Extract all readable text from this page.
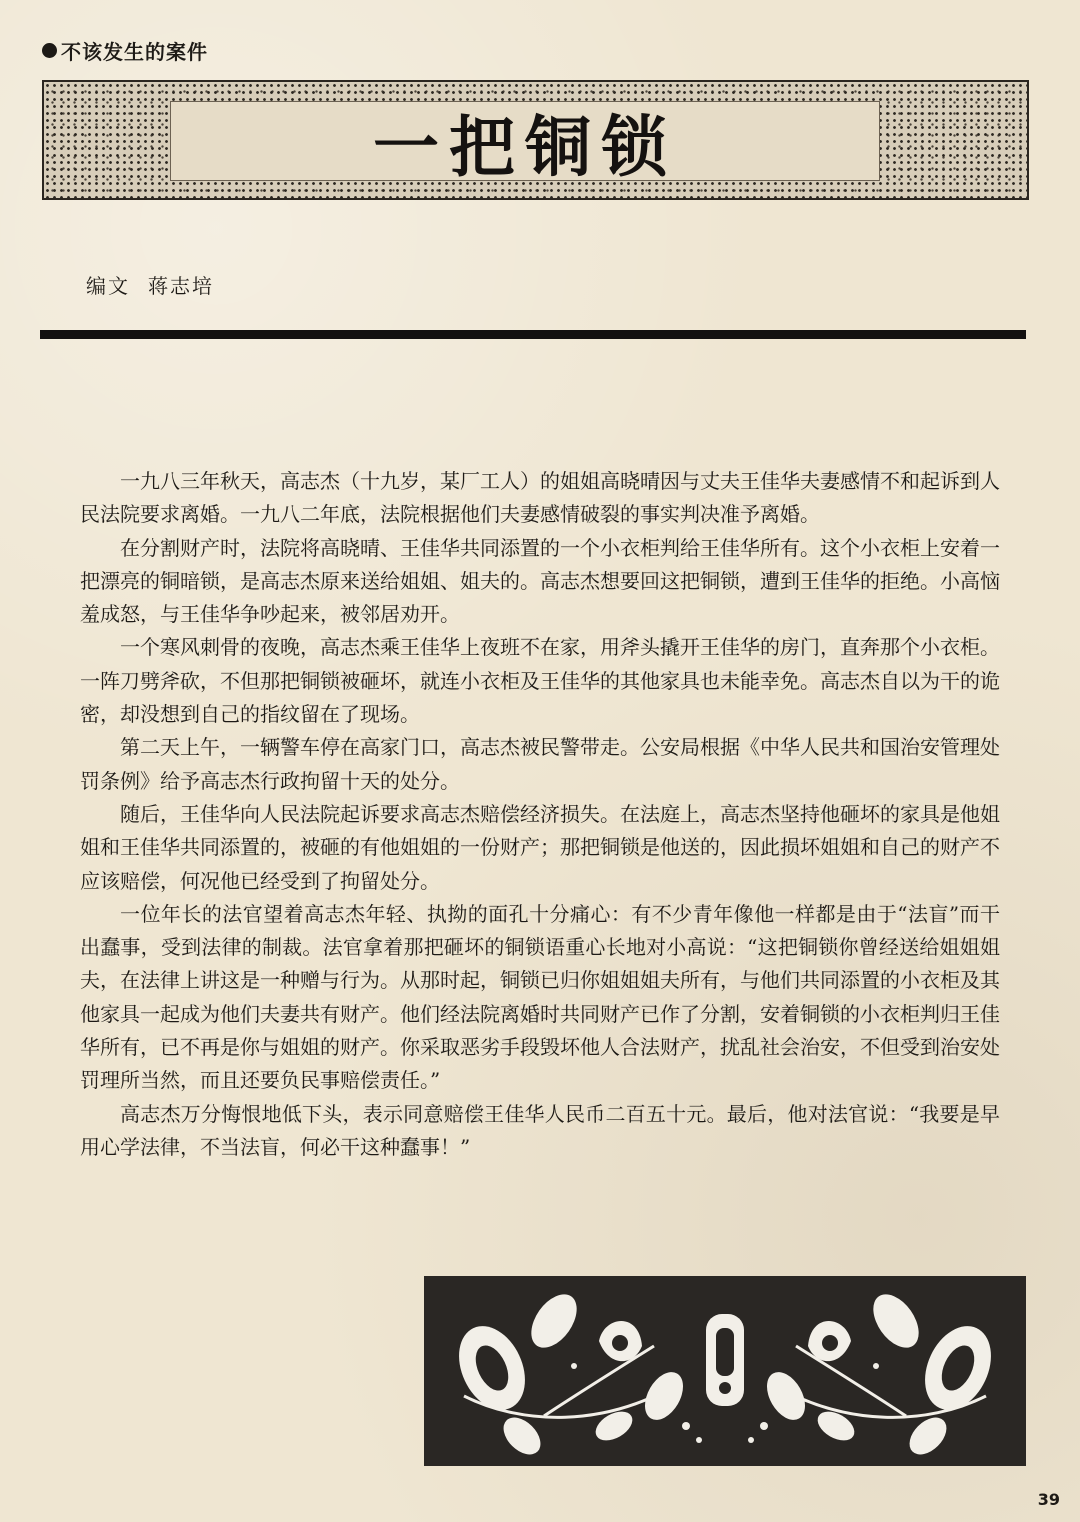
不该发生的案件
一把铜锁
编文 蒋志培

一九八三年秋天，高志杰（十九岁，某厂工人）的姐姐高晓晴因与丈夫王佳华夫妻感情不和起诉到人民法院要求离婚。一九八二年底，法院根据他们夫妻感情破裂的事实判决准予离婚。

在分割财产时，法院将高晓晴、王佳华共同添置的一个小衣柜判给王佳华所有。这个小衣柜上安着一把漂亮的铜暗锁，是高志杰原来送给姐姐、姐夫的。高志杰想要回这把铜锁，遭到王佳华的拒绝。小高恼羞成怒，与王佳华争吵起来，被邻居劝开。

一个寒风刺骨的夜晚，高志杰乘王佳华上夜班不在家，用斧头撬开王佳华的房门，直奔那个小衣柜。一阵刀劈斧砍，不但那把铜锁被砸坏，就连小衣柜及王佳华的其他家具也未能幸免。高志杰自以为干的诡密，却没想到自己的指纹留在了现场。

第二天上午，一辆警车停在高家门口，高志杰被民警带走。公安局根据《中华人民共和国治安管理处罚条例》给予高志杰行政拘留十天的处分。

随后，王佳华向人民法院起诉要求高志杰赔偿经济损失。在法庭上，高志杰坚持他砸坏的家具是他姐姐和王佳华共同添置的，被砸的有他姐姐的一份财产；那把铜锁是他送的，因此损坏姐姐和自己的财产不应该赔偿，何况他已经受到了拘留处分。

一位年长的法官望着高志杰年轻、执拗的面孔十分痛心：有不少青年像他一样都是由于“法盲”而干出蠢事，受到法律的制裁。法官拿着那把砸坏的铜锁语重心长地对小高说：“这把铜锁你曾经送给姐姐姐夫，在法律上讲这是一种赠与行为。从那时起，铜锁已归你姐姐姐夫所有，与他们共同添置的小衣柜及其他家具一起成为他们夫妻共有财产。他们经法院离婚时共同财产已作了分割，安着铜锁的小衣柜判归王佳华所有，已不再是你与姐姐的财产。你采取恶劣手段毁坏他人合法财产，扰乱社会治安，不但受到治安处罚理所当然，而且还要负民事赔偿责任。”

高志杰万分悔恨地低下头，表示同意赔偿王佳华人民币二百五十元。最后，他对法官说：“我要是早用心学法律，不当法盲，何必干这种蠢事！”

39
